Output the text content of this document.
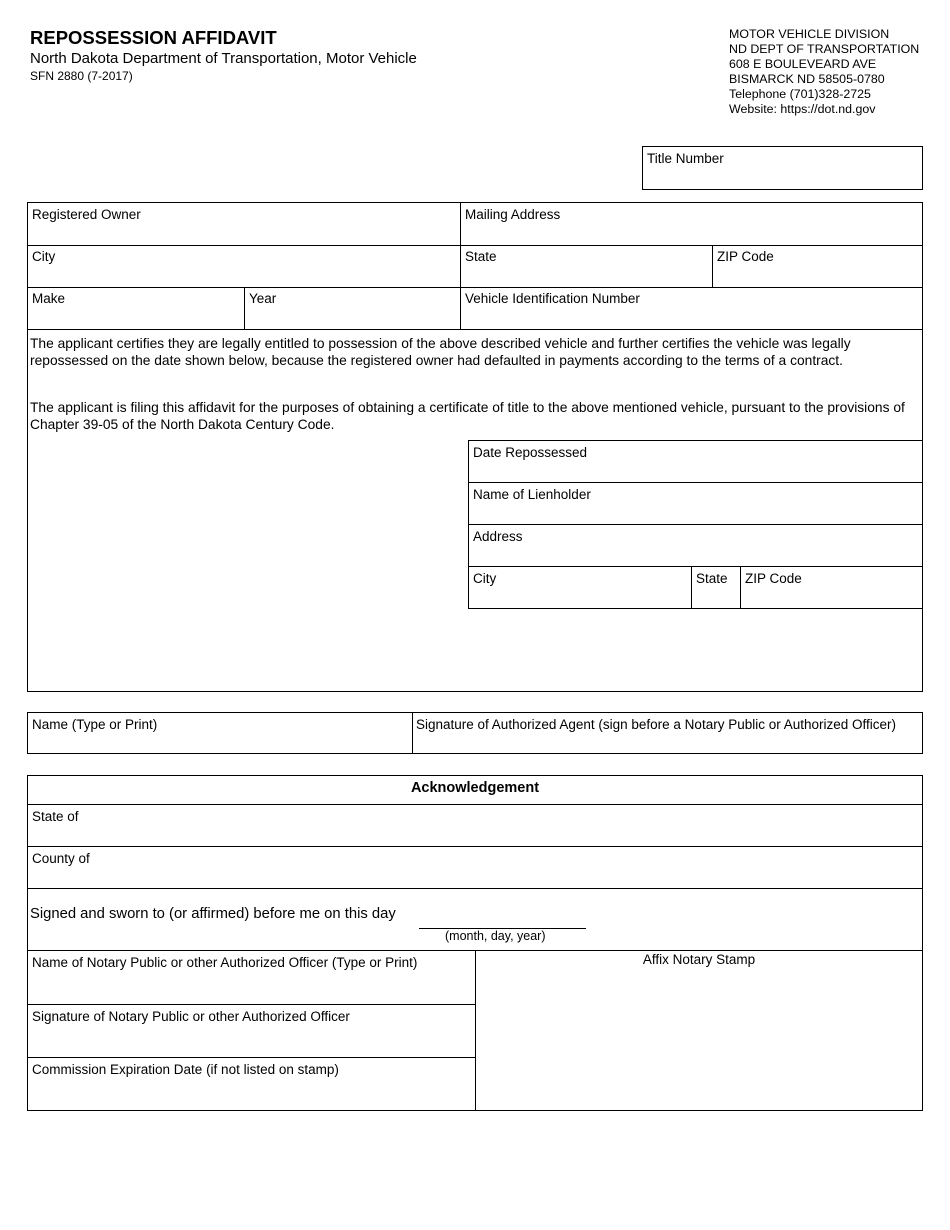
REPOSSESSION AFFIDAVIT
North Dakota Department of Transportation, Motor Vehicle
SFN 2880 (7-2017)
MOTOR VEHICLE DIVISION
ND DEPT OF TRANSPORTATION
608 E BOULEVEARD AVE
BISMARCK ND 58505-0780
Telephone (701)328-2725
Website: https://dot.nd.gov
Title Number
Registered Owner	Mailing Address
City	State	ZIP Code
Make	Year	Vehicle Identification Number
The applicant certifies they are legally entitled to possession of the above described vehicle and further certifies the vehicle was legally repossessed on the date shown below, because the registered owner had defaulted in payments according to the terms of a contract.
The applicant is filing this affidavit for the purposes of obtaining a certificate of title to the above mentioned vehicle, pursuant to the provisions of Chapter 39-05 of the North Dakota Century Code.
Date Repossessed
Name of Lienholder
Address
City	State ZIP Code
Name (Type or Print)	Signature of Authorized Agent (sign before a Notary Public or Authorized Officer)
Acknowledgement
State of
County of
Signed and sworn to (or affirmed) before me on this day
(month, day, year)
Name of Notary Public or other Authorized Officer (Type or Print)
Signature of Notary Public or other Authorized Officer
Commission Expiration Date (if not listed on stamp)
Affix Notary Stamp
